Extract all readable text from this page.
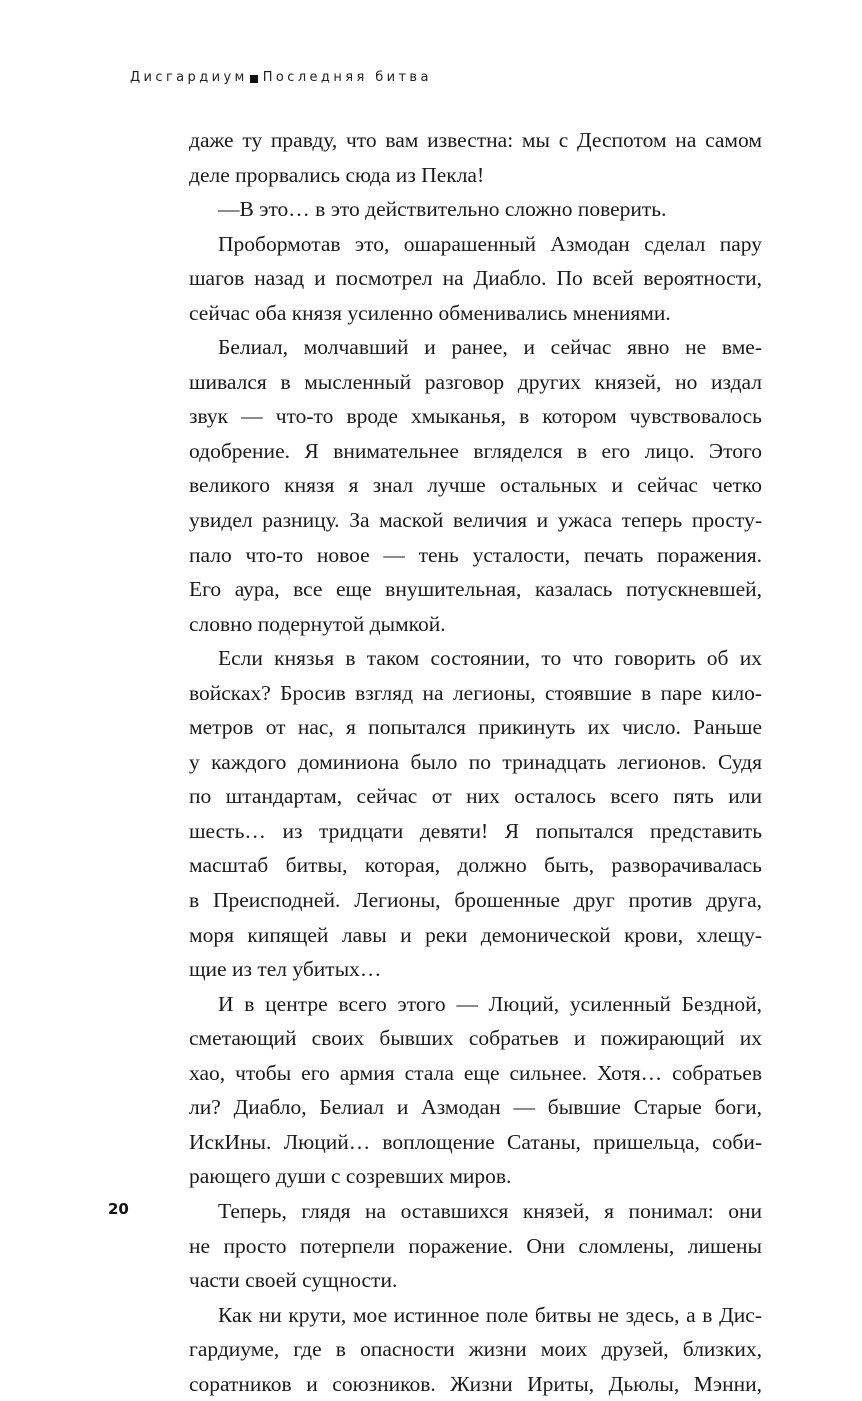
Дисгардиум Последняя битва
даже ту правду, что вам известна: мы с Деспотом на самом
деле прорвались сюда из Пекла!
—В это… в это действительно сложно поверить.
Пробормотав это, ошарашенный Азмодан сделал пару
шагов назад и посмотрел на Диабло. По всей вероятности,
сейчас оба князя усиленно обменивались мнениями.
Белиал, молчавший и ранее, и сейчас явно не вме-
шивался в мысленный разговор других князей, но издал
звук — что-то вроде хмыканья, в котором чувствовалось
одобрение. Я внимательнее вгляделся в его лицо. Этого
великого князя я знал лучше остальных и сейчас четко
увидел разницу. За маской величия и ужаса теперь просту-
пало что-то новое — тень усталости, печать поражения.
Его аура, все еще внушительная, казалась потускневшей,
словно подернутой дымкой.
Если князья в таком состоянии, то что говорить об их
войсках? Бросив взгляд на легионы, стоявшие в паре кило-
метров от нас, я попытался прикинуть их число. Раньше
у каждого доминиона было по тринадцать легионов. Судя
по штандартам, сейчас от них осталось всего пять или
шесть… из тридцати девяти! Я попытался представить
масштаб битвы, которая, должно быть, разворачивалась
в Преисподней. Легионы, брошенные друг против друга,
моря кипящей лавы и реки демонической крови, хлещу-
щие из тел убитых…
И в центре всего этого — Люций, усиленный Бездной,
сметающий своих бывших собратьев и пожирающий их
хао, чтобы его армия стала еще сильнее. Хотя… собратьев
ли? Диабло, Белиал и Азмодан — бывшие Старые боги,
ИскИны. Люций… воплощение Сатаны, пришельца, соби-
рающего души с созревших миров.
Теперь, глядя на оставшихся князей, я понимал: они
не просто потерпели поражение. Они сломлены, лишены
части своей сущности.
Как ни крути, мое истинное поле битвы не здесь, а в Дис-
гардиуме, где в опасности жизни моих друзей, близких,
соратников и союзников. Жизни Ириты, Дьюлы, Мэнни,
20
